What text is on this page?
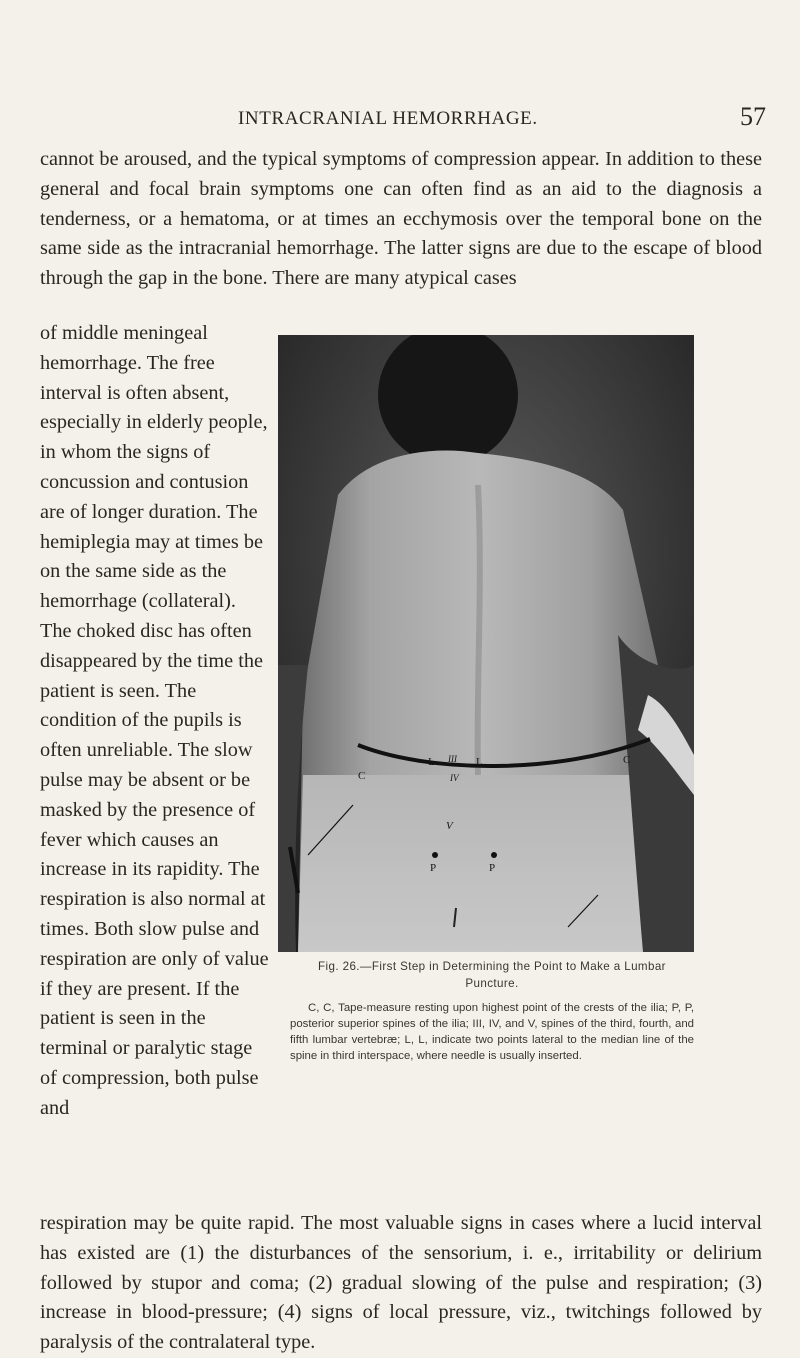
INTRACRANIAL HEMORRHAGE.	57

cannot be aroused, and the typical symptoms of compression appear. In addition to these general and focal brain symptoms one can often find as an aid to the diagnosis a tenderness, or a hematoma, or at times an ecchymosis over the temporal bone on the same side as the intracranial hemorrhage. The latter signs are due to the escape of blood through the gap in the bone. There are many atypical cases

of middle meningeal hemorrhage. The free interval is often absent, especially in elderly people, in whom the signs of concussion and contusion are of longer duration. The hemiplegia may at times be on the same side as the hemorrhage (collateral). The choked disc has often disappeared by the time the patient is seen. The condition of the pupils is often unreliable. The slow pulse may be absent or be masked by the presence of fever which causes an increase in its rapidity. The respiration is also normal at times. Both slow pulse and respiration are only of value if they are present. If the patient is seen in the terminal or paralytic stage of compression, both pulse and

L III L
IV
C
C
V
P	P

Fig. 26.—First Step in Determining the Point to Make a Lumbar Puncture.

C, C, Tape-measure resting upon highest point of the crests of the ilia; P, P, posterior superior spines of the ilia; III, IV, and V, spines of the third, fourth, and fifth lumbar vertebræ; L, L, indicate two points lateral to the median line of the spine in third interspace, where needle is usually inserted.

respiration may be quite rapid. The most valuable signs in cases where a lucid interval has existed are (1) the disturbances of the sensorium, i. e., irritability or delirium followed by stupor and coma; (2) gradual slowing of the pulse and respiration; (3) increase in blood-pressure; (4) signs of local pressure, viz., twitchings followed by paralysis of the contralateral type.
